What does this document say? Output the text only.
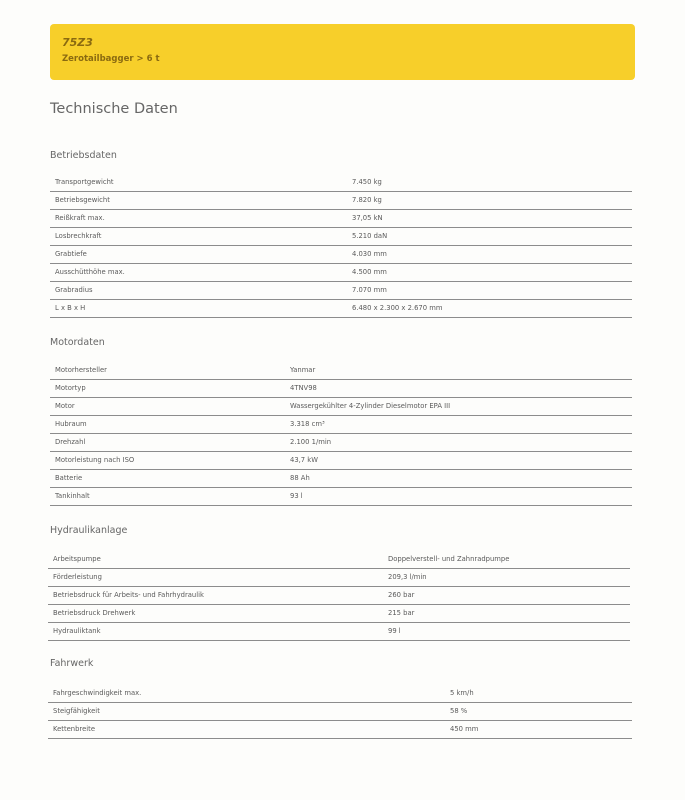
75Z3
Zerotailbagger > 6 t
Technische Daten
Betriebsdaten
Transportgewicht	7.450 kg
Betriebsgewicht	7.820 kg
Reißkraft max.	37,05 kN
Losbrechkraft	5.210 daN
Grabtiefe	4.030 mm
Ausschütthöhe max.	4.500 mm
Grabradius	7.070 mm
L x B x H	6.480 x 2.300 x 2.670 mm
Motordaten
Motorhersteller	Yanmar
Motortyp	4TNV98
Motor	Wassergekühlter 4-Zylinder Dieselmotor EPA III
Hubraum	3.318 cm³
Drehzahl	2.100 1/min
Motorleistung nach ISO	43,7 kW
Batterie	88 Ah
Tankinhalt	93 l
Hydraulikanlage
Arbeitspumpe	Doppelverstell- und Zahnradpumpe
Förderleistung	209,3 l/min
Betriebsdruck für Arbeits- und Fahrhydraulik	260 bar
Betriebsdruck Drehwerk	215 bar
Hydrauliktank	99 l
Fahrwerk
Fahrgeschwindigkeit max.	5 km/h
Steigfähigkeit	58 %
Kettenbreite	450 mm
